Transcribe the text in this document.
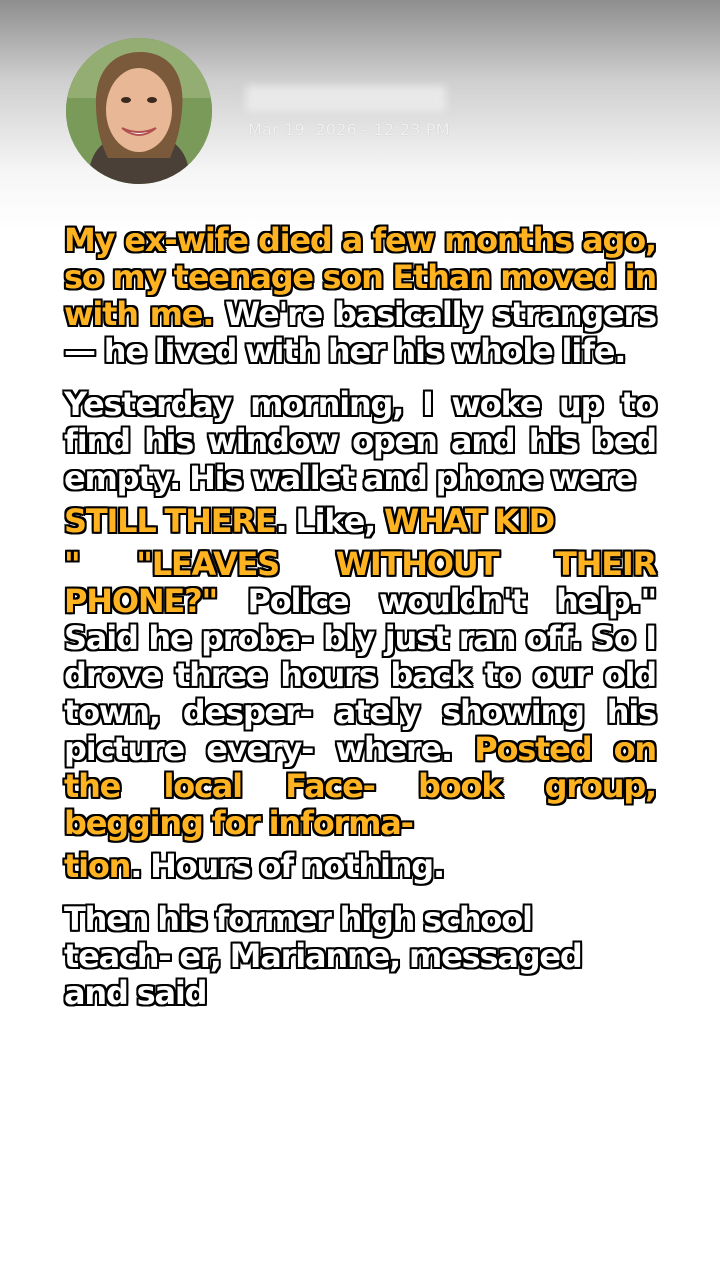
Mar 19, 2026 - 12:23 PM

My ex-wife died a few months ago, so my teenage son Ethan moved in with me. We're basically strangers — he lived with her his whole life.

Yesterday morning, I woke up to find his window open and his bed empty. His wallet and phone were

STILL THERE. Like, WHAT KID

" "LEAVES WITHOUT THEIR PHONE?" Police wouldn't help." Said he proba- bly just ran off. So I drove three hours back to our old town, desper- ately showing his picture every- where. Posted on the local Face- book group, begging for informa-

tion. Hours of nothing.

Then his former high school teach- er, Marianne, messaged and said
